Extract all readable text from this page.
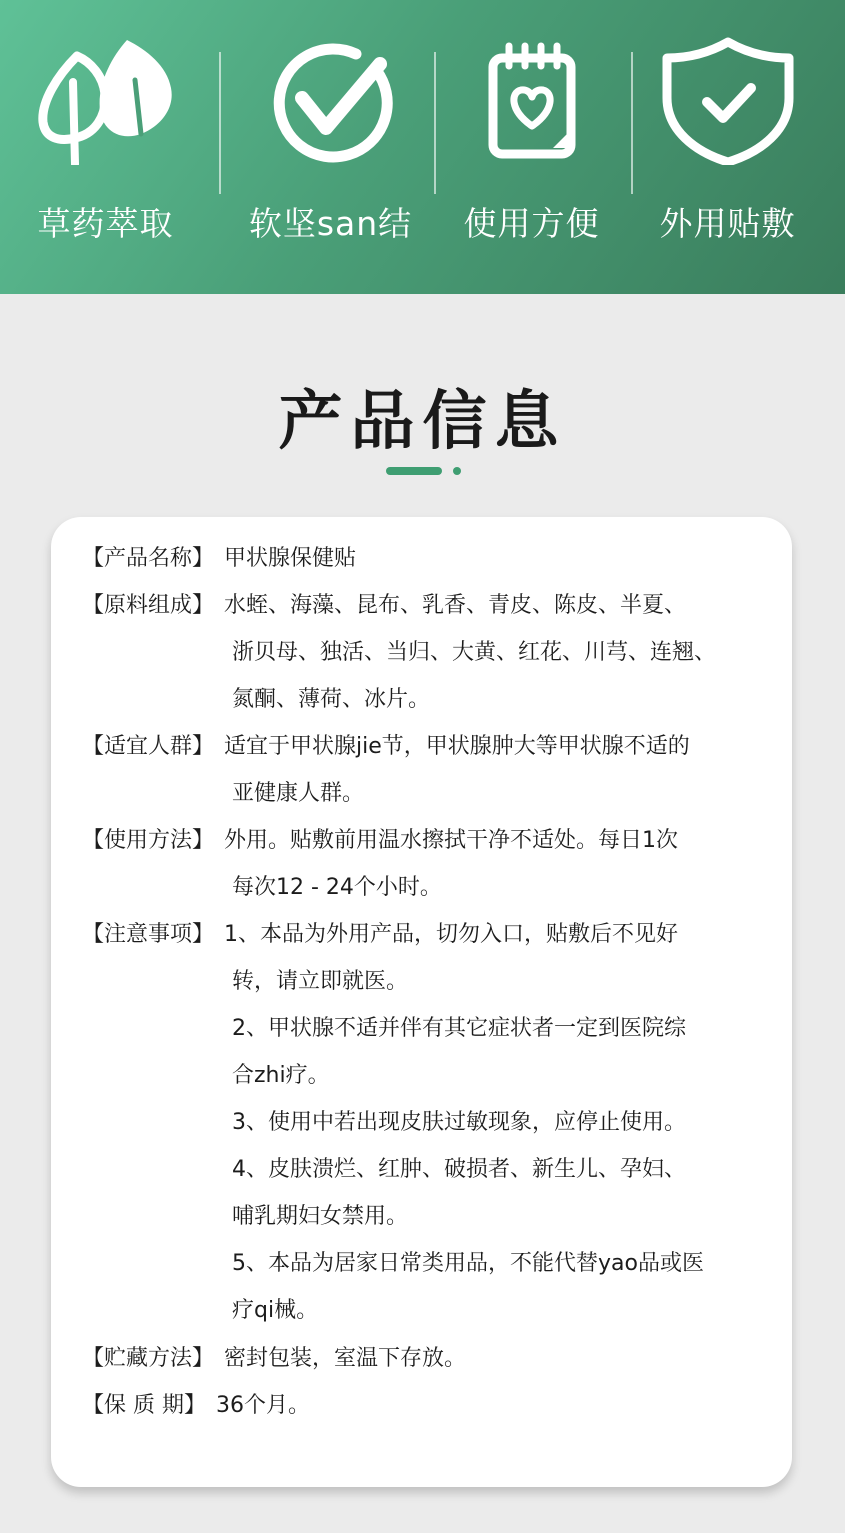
草药萃取	软坚san结	使用方便	外用贴敷
产品信息
【产品名称】 甲状腺保健贴
【原料组成】 水蛭、海藻、昆布、乳香、青皮、陈皮、半夏、
浙贝母、独活、当归、大黄、红花、川芎、连翘、
氮酮、薄荷、冰片。
【适宜人群】 适宜于甲状腺jie节，甲状腺肿大等甲状腺不适的
亚健康人群。
【使用方法】 外用。贴敷前用温水擦拭干净不适处。每日1次
每次12 - 24个小时。
【注意事项】 1、本品为外用产品，切勿入口，贴敷后不见好
转，请立即就医。
2、甲状腺不适并伴有其它症状者一定到医院综
合zhi疗。
3、使用中若出现皮肤过敏现象，应停止使用。
4、皮肤溃烂、红肿、破损者、新生儿、孕妇、
哺乳期妇女禁用。
5、本品为居家日常类用品，不能代替yao品或医
疗qi械。
【贮藏方法】 密封包装，室温下存放。
【保 质 期】 36个月。
